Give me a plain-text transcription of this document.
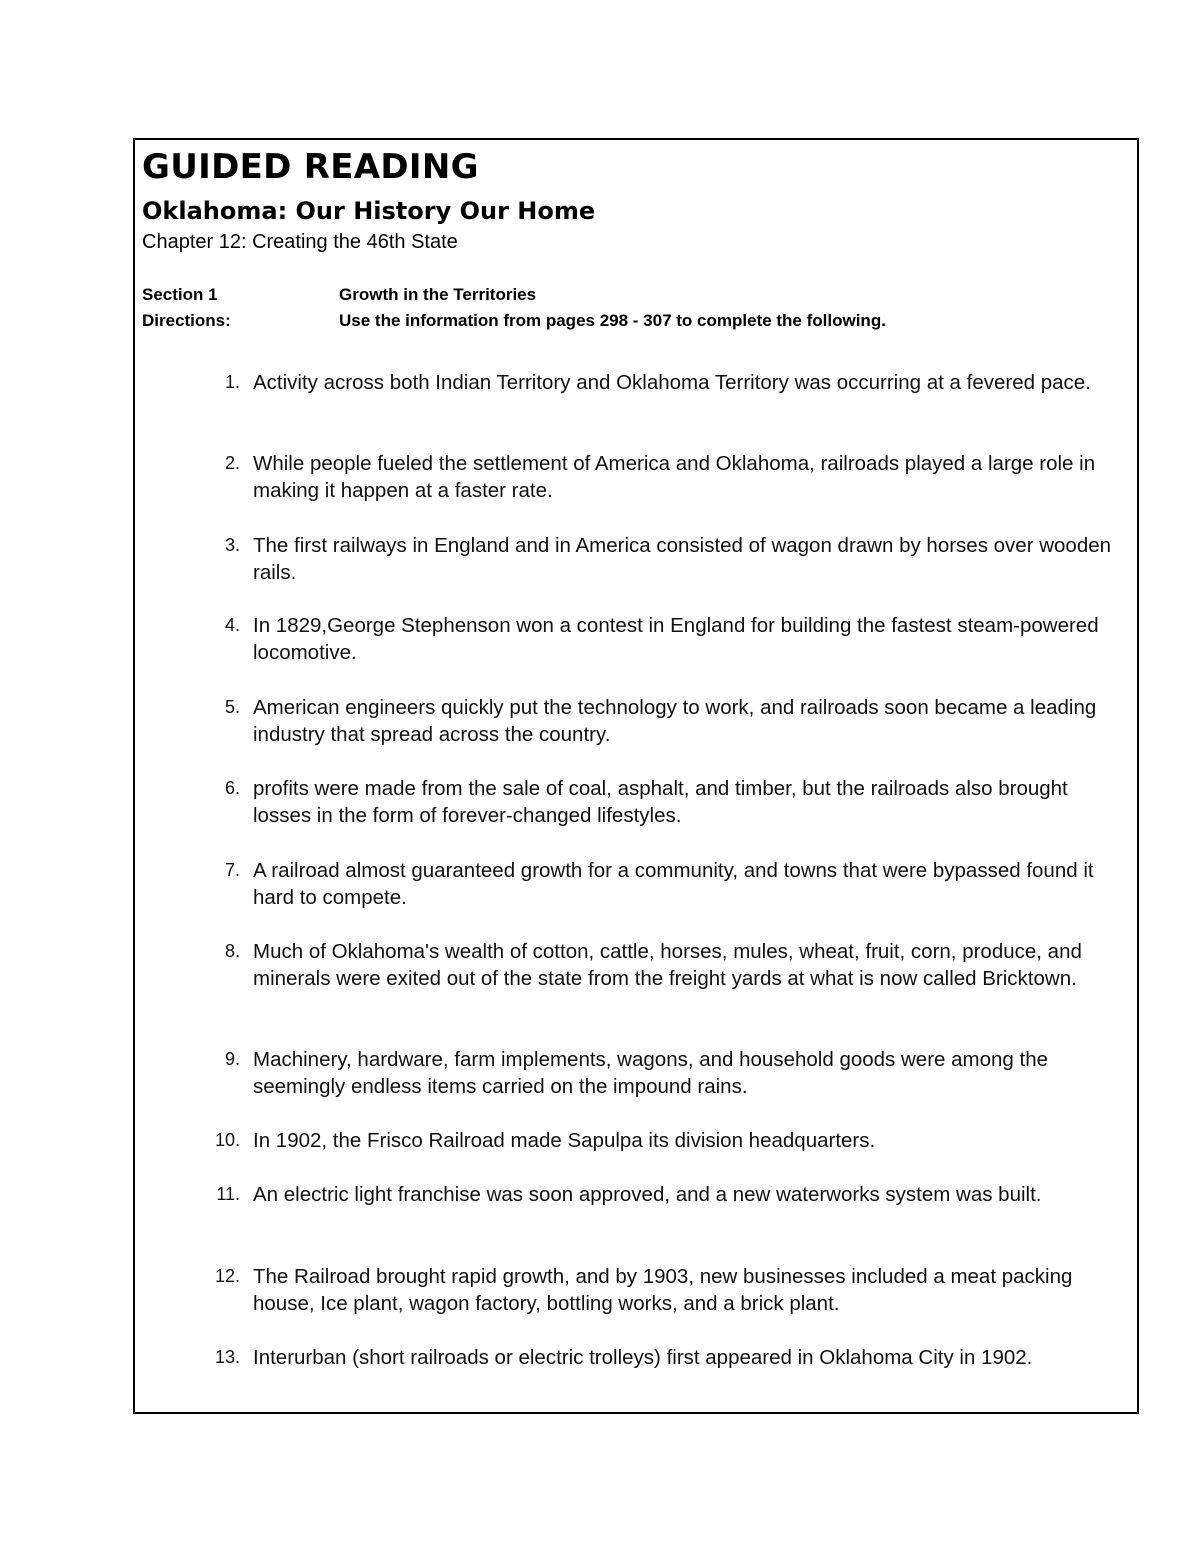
GUIDED READING
Oklahoma: Our History Our Home
Chapter 12: Creating the 46th State
Section 1	Growth in the Territories
Directions:	Use the information from pages 298 - 307 to complete the following.
1. Activity across both Indian Territory and Oklahoma Territory was occurring at a fevered pace.
2. While people fueled the settlement of America and Oklahoma, railroads played a large role in making it happen at a faster rate.
3. The first railways in England and in America consisted of wagon drawn by horses over wooden rails.
4. In 1829,George Stephenson won a contest in England for building the fastest steam-powered locomotive.
5. American engineers quickly put the technology to work, and railroads soon became a leading industry that spread across the country.
6. profits were made from the sale of coal, asphalt, and timber, but the railroads also brought losses in the form of forever-changed lifestyles.
7. A railroad almost guaranteed growth for a community, and towns that were bypassed found it hard to compete.
8. Much of Oklahoma's wealth of cotton, cattle, horses, mules, wheat, fruit, corn, produce, and minerals were exited out of the state from the freight yards at what is now called Bricktown.
9. Machinery, hardware, farm implements, wagons, and household goods were among the seemingly endless items carried on the impound rains.
10. In 1902, the Frisco Railroad made Sapulpa its division headquarters.
11. An electric light franchise was soon approved, and a new waterworks system was built.
12. The Railroad brought rapid growth, and by 1903, new businesses included a meat packing house, Ice plant, wagon factory, bottling works, and a brick plant.
13. Interurban (short railroads or electric trolleys) first appeared in Oklahoma City in 1902.
